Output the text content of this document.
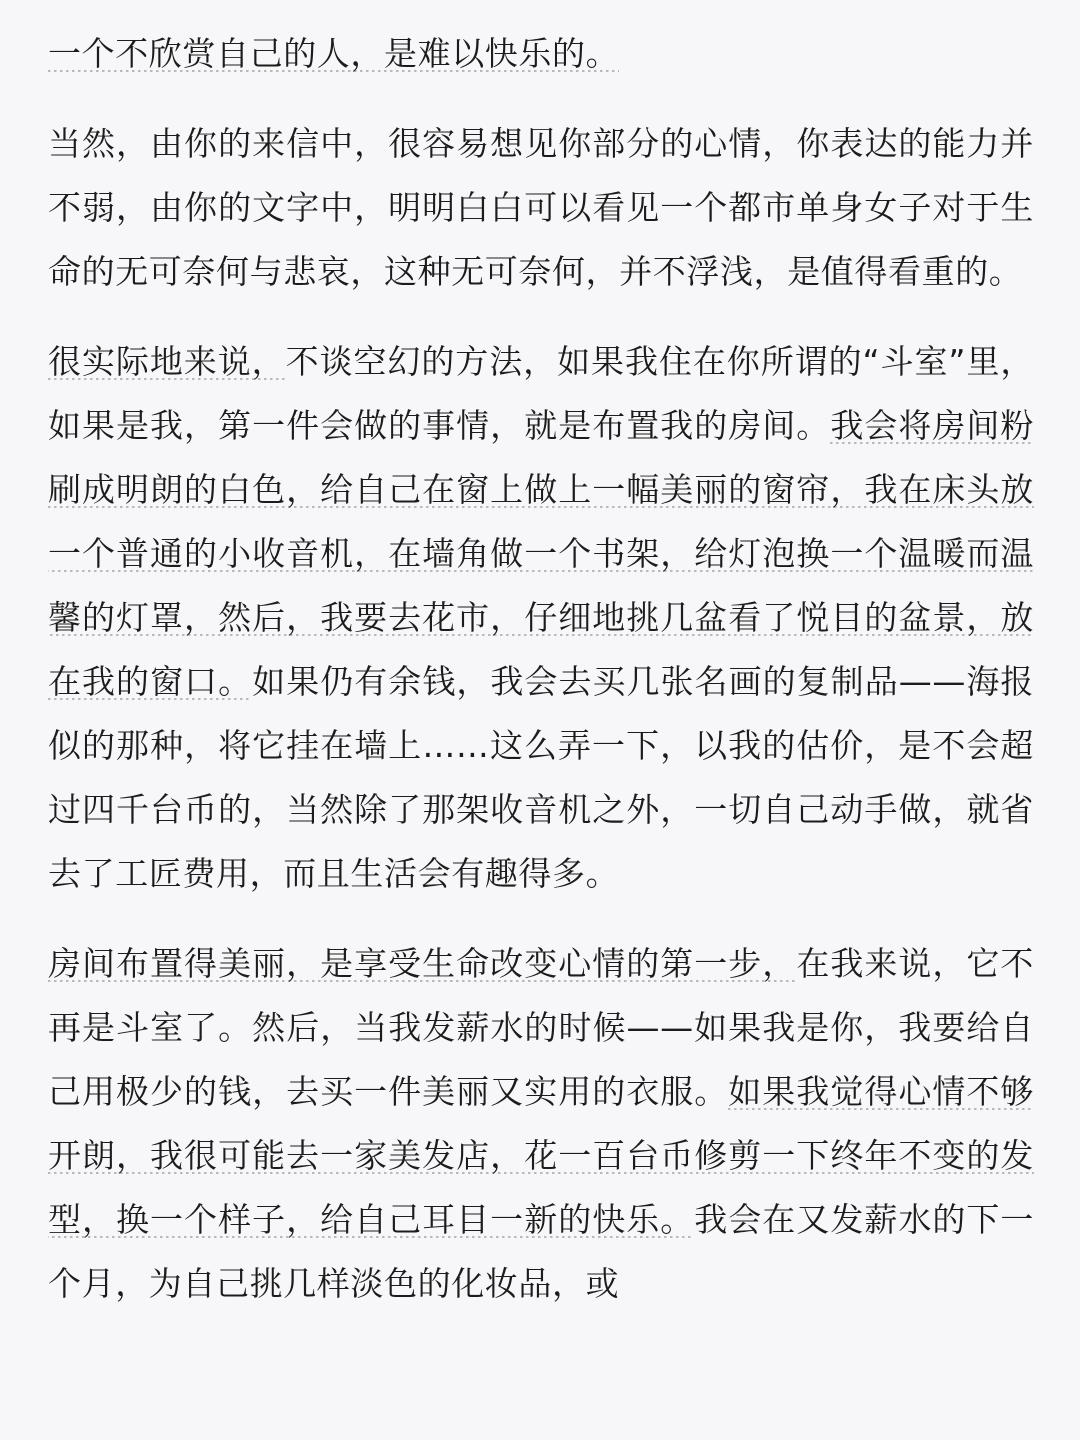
一个不欣赏自己的人，是难以快乐的。

当然，由你的来信中，很容易想见你部分的心情，你表达的能力并不弱，由你的文字中，明明白白可以看见一个都市单身女子对于生命的无可奈何与悲哀，这种无可奈何，并不浮浅，是值得看重的。

很实际地来说，不谈空幻的方法，如果我住在你所谓的“斗室”里，如果是我，第一件会做的事情，就是布置我的房间。我会将房间粉刷成明朗的白色，给自己在窗上做上一幅美丽的窗帘，我在床头放一个普通的小收音机，在墙角做一个书架，给灯泡换一个温暖而温馨的灯罩，然后，我要去花市，仔细地挑几盆看了悦目的盆景，放在我的窗口。如果仍有余钱，我会去买几张名画的复制品——海报似的那种，将它挂在墙上……这么弄一下，以我的估价，是不会超过四千台币的，当然除了那架收音机之外，一切自己动手做，就省去了工匠费用，而且生活会有趣得多。

房间布置得美丽，是享受生命改变心情的第一步，在我来说，它不再是斗室了。然后，当我发薪水的时候——如果我是你，我要给自己用极少的钱，去买一件美丽又实用的衣服。如果我觉得心情不够开朗，我很可能去一家美发店，花一百台币修剪一下终年不变的发型，换一个样子，给自己耳目一新的快乐。我会在又发薪水的下一个月，为自己挑几样淡色的化妆品，或
